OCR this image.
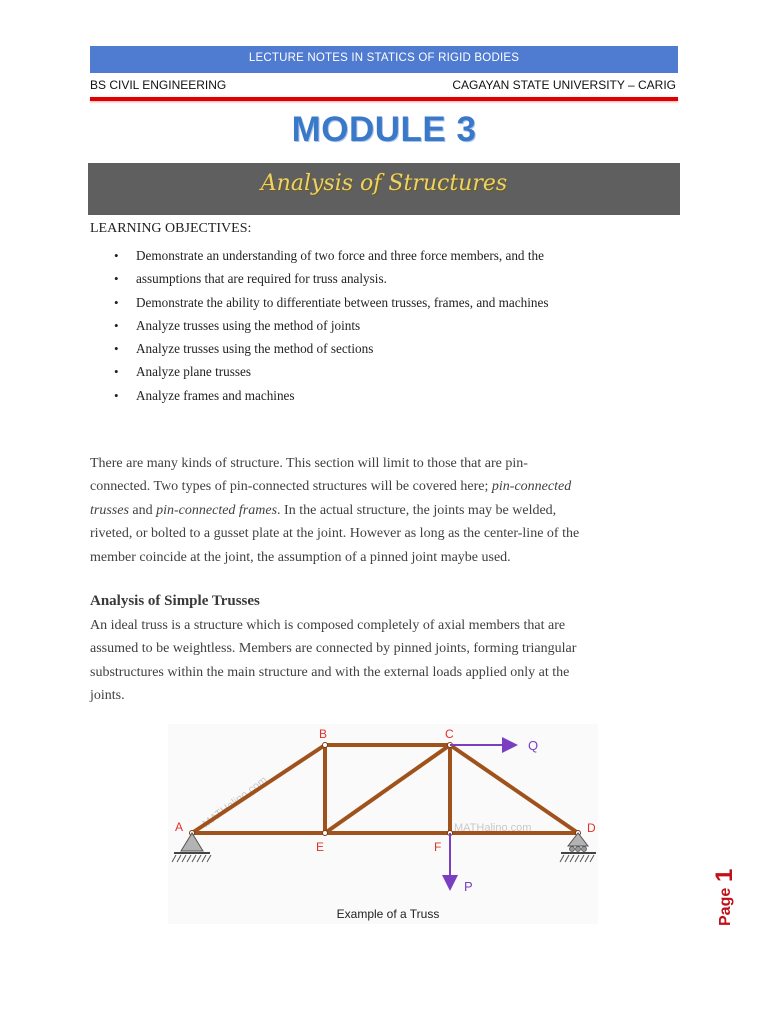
LECTURE NOTES IN STATICS OF RIGID BODIES
BS CIVIL ENGINEERING	CAGAYAN STATE UNIVERSITY – CARIG
MODULE 3
Analysis of Structures
LEARNING OBJECTIVES:
• Demonstrate an understanding of two force and three force members, and the
• assumptions that are required for truss analysis.
• Demonstrate the ability to differentiate between trusses, frames, and machines
• Analyze trusses using the method of joints
• Analyze trusses using the method of sections
• Analyze plane trusses
• Analyze frames and machines

There are many kinds of structure. This section will limit to those that are pin-
connected. Two types of pin-connected structures will be covered here; pin-connected
trusses and pin-connected frames. In the actual structure, the joints may be welded,
riveted, or bolted to a gusset plate at the joint. However as long as the center-line of the
member coincide at the joint, the assumption of a pinned joint maybe used.

Analysis of Simple Trusses

An ideal truss is a structure which is composed completely of axial members that are
assumed to be weightless. Members are connected by pinned joints, forming triangular
substructures within the main structure and with the external loads applied only at the
joints.

MATHalino.com	MATHalino.com
A
B	C
D
E	F
Q
P
Example of a Truss	Page
1
